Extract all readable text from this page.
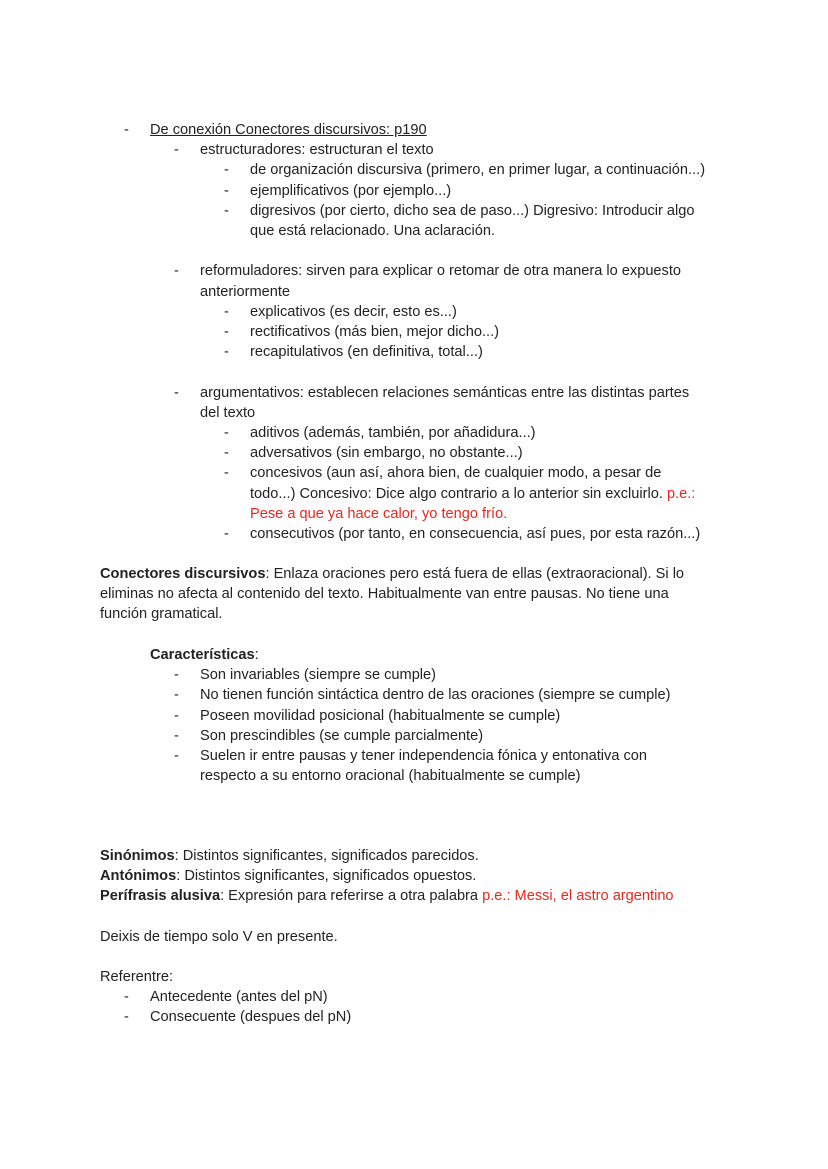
- De conexión Conectores discursivos: p190
- estructuradores: estructuran el texto
- de organización discursiva (primero, en primer lugar, a continuación...)
- ejemplificativos (por ejemplo...)
- digresivos (por cierto, dicho sea de paso...) Digresivo: Introducir algo
que está relacionado. Una aclaración.

- reformuladores: sirven para explicar o retomar de otra manera lo expuesto
anteriormente
- explicativos (es decir, esto es...)
- rectificativos (más bien, mejor dicho...)
- recapitulativos (en definitiva, total...)

- argumentativos: establecen relaciones semánticas entre las distintas partes
del texto
- aditivos (además, también, por añadidura...)
- adversativos (sin embargo, no obstante...)
- concesivos (aun así, ahora bien, de cualquier modo, a pesar de
todo...) Concesivo: Dice algo contrario a lo anterior sin excluirlo. p.e.:
Pese a que ya hace calor, yo tengo frío.
- consecutivos (por tanto, en consecuencia, así pues, por esta razón...)
Conectores discursivos: Enlaza oraciones pero está fuera de ellas (extraoracional). Si lo
eliminas no afecta al contenido del texto. Habitualmente van entre pausas. No tiene una
función gramatical.
Características:
- Son invariables (siempre se cumple)
- No tienen función sintáctica dentro de las oraciones (siempre se cumple)
- Poseen movilidad posicional (habitualmente se cumple)
- Son prescindibles (se cumple parcialmente)
- Suelen ir entre pausas y tener independencia fónica y entonativa con
respecto a su entorno oracional (habitualmente se cumple)
Sinónimos: Distintos significantes, significados parecidos.
Antónimos: Distintos significantes, significados opuestos.
Perífrasis alusiva: Expresión para referirse a otra palabra p.e.: Messi, el astro argentino
Deixis de tiempo solo V en presente.
Referentre:
- Antecedente (antes del pN)
- Consecuente (despues del pN)
